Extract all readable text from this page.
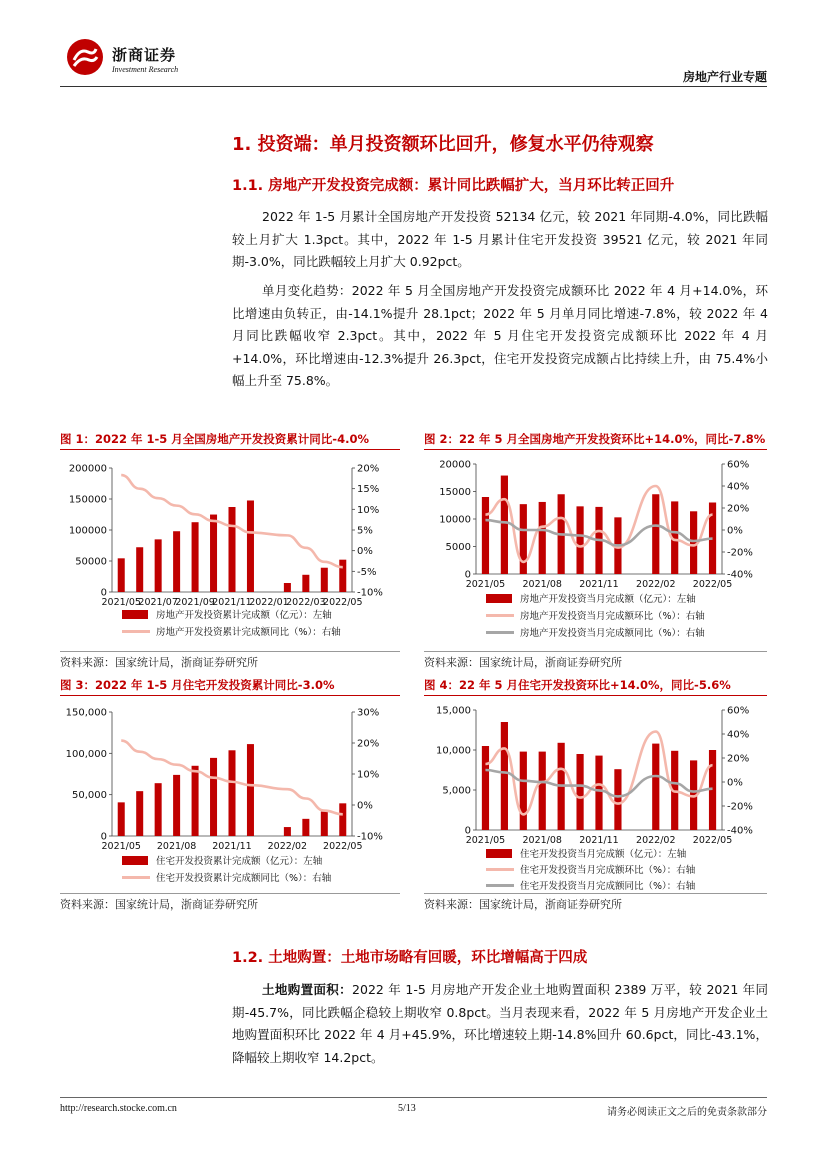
浙商证券
Investment Research
房地产行业专题
1. 投资端：单月投资额环比回升，修复水平仍待观察
1.1. 房地产开发投资完成额：累计同比跌幅扩大，当月环比转正回升
2022 年 1-5 月累计全国房地产开发投资 52134 亿元，较 2021 年同期-4.0%，同比跌幅较上月扩大 1.3pct。其中，2022 年 1-5 月累计住宅开发投资 39521 亿元，较 2021 年同期-3.0%，同比跌幅较上月扩大 0.92pct。
单月变化趋势：2022 年 5 月全国房地产开发投资完成额环比 2022 年 4 月+14.0%，环比增速由负转正，由-14.1%提升 28.1pct；2022 年 5 月单月同比增速-7.8%，较 2022 年 4 月同比跌幅收窄 2.3pct。其中，2022 年 5 月住宅开发投资完成额环比 2022 年 4 月+14.0%，环比增速由-12.3%提升 26.3pct，住宅开发投资完成额占比持续上升，由 75.4%小幅上升至 75.8%。
图 1：2022 年 1-5 月全国房地产开发投资累计同比-4.0%	图 2：22 年 5 月全国房地产开发投资环比+14.0%，同比-7.8%
200000
150000
100000
50000
0
20%
15%
10%
5%
0%
-5%
-10%
2021/05
2021/07
2021/09
2021/11
2022/01
2022/03
2022/05
房地产开发投资累计完成额（亿元）：左轴
房地产开发投资累计完成额同比（%）：右轴
20000
15000
10000
5000
0
60%
40%
20%
0%
-20%
-40%
2021/05 2021/08 2021/11 2022/02 2022/05
房地产开发投资当月完成额（亿元）：左轴
房地产开发投资当月完成额环比（%）：右轴
房地产开发投资当月完成额同比（%）：右轴
资料来源：国家统计局，浙商证券研究所	资料来源：国家统计局，浙商证券研究所
图 3：2022 年 1-5 月住宅开发投资累计同比-3.0%	图 4：22 年 5 月住宅开发投资环比+14.0%，同比-5.6%
150,000
100,000
50,000
0
30%
20%
10%
0%
-10%
2021/05 2021/08 2021/11 2022/02 2022/05
住宅开发投资累计完成额（亿元）：左轴
住宅开发投资累计完成额同比（%）：右轴
15,000
10,000
5,000
0
60%
40%
20%
0%
-20%
-40%
2021/05 2021/08 2021/11 2022/02 2022/05
住宅开发投资当月完成额（亿元）：左轴
住宅开发投资当月完成额环比（%）：右轴
住宅开发投资当月完成额同比（%）：右轴
资料来源：国家统计局，浙商证券研究所	资料来源：国家统计局，浙商证券研究所
1.2. 土地购置：土地市场略有回暖，环比增幅高于四成
土地购置面积：2022 年 1-5 月房地产开发企业土地购置面积 2389 万平，较 2021 年同期-45.7%，同比跌幅企稳较上期收窄 0.8pct。当月表现来看，2022 年 5 月房地产开发企业土地购置面积环比 2022 年 4 月+45.9%，环比增速较上期-14.8%回升 60.6pct，同比-43.1%，降幅较上期收窄 14.2pct。
http://research.stocke.com.cn	5/13	请务必阅读正文之后的免责条款部分
